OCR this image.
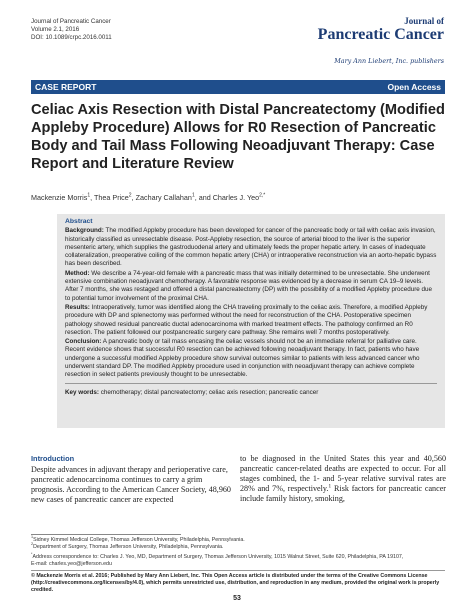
Journal of Pancreatic Cancer
Volume 2.1, 2016
DOI: 10.1089/crpc.2016.0011
Journal of
Pancreatic Cancer
Mary Ann Liebert, Inc. publishers
CASE REPORT	Open Access
Celiac Axis Resection with Distal Pancreatectomy (Modified Appleby Procedure) Allows for R0 Resection of Pancreatic Body and Tail Mass Following Neoadjuvant Therapy: Case Report and Literature Review
Mackenzie Morris$^1$, Thea Price$^2$, Zachary Callahan$^1$, and Charles J. Yeo$^{2,*}$
Abstract

Background: The modified Appleby procedure has been developed for cancer of the pancreatic body or tail with celiac axis invasion, historically classified as unresectable disease. Post-Appleby resection, the source of arterial blood to the liver is the superior mesenteric artery, which supplies the gastroduodenal artery and ultimately feeds the proper hepatic artery. In cases of inadequate collateralization, preoperative coiling of the common hepatic artery (CHA) or intraoperative reconstruction via an aorto-hepatic bypass has been described.

Method: We describe a 74-year-old female with a pancreatic mass that was initially determined to be unresectable. She underwent extensive combination neoadjuvant chemotherapy. A favorable response was evidenced by a decrease in serum CA 19–9 levels. After 7 months, she was restaged and offered a distal pancreatectomy (DP) with the possibility of a modified Appleby procedure due to potential tumor involvement of the proximal CHA.

Results: Intraoperatively, tumor was identified along the CHA traveling proximally to the celiac axis. Therefore, a modified Appleby procedure with DP and splenectomy was performed without the need for reconstruction of the CHA. Postoperative specimen pathology showed residual pancreatic ductal adenocarcinoma with marked treatment effects. The pathology confirmed an R0 resection. The patient followed our postpancreatic surgery care pathway. She remains well 7 months postoperatively.

Conclusion: A pancreatic body or tail mass encasing the celiac vessels should not be an immediate referral for palliative care. Recent evidence shows that successful R0 resection can be achieved following neoadjuvant therapy. In fact, patients who have undergone a successful modified Appleby procedure show survival outcomes similar to patients with less advanced cancer who underwent standard DP. The modified Appleby procedure used in conjunction with neoadjuvant therapy can achieve complete resection in select patients previously thought to be unresectable.

Key words: chemotherapy; distal pancreatectomy; celiac axis resection; pancreatic cancer

Introduction
Despite advances in adjuvant therapy and perioperative care, pancreatic adenocarcinoma continues to carry a grim prognosis. According to the American Cancer Society, 48,960 new cases of pancreatic cancer are expected
to be diagnosed in the United States this year and 40,560 pancreatic cancer-related deaths are expected to occur. For all stages combined, the 1- and 5-year relative survival rates are 28% and 7%, respectively.$^1$ Risk factors for pancreatic cancer include family history, smoking,
$^1$Sidney Kimmel Medical College, Thomas Jefferson University, Philadelphia, Pennsylvania.
$^2$Department of Surgery, Thomas Jefferson University, Philadelphia, Pennsylvania.
*Address correspondence to: Charles J. Yeo, MD, Department of Surgery, Thomas Jefferson University, 1015 Walnut Street, Suite 620, Philadelphia, PA 19107,
E-mail: charles.yeo@jefferson.edu
© Mackenzie Morris et al. 2016; Published by Mary Ann Liebert, Inc. This Open Access article is distributed under the terms of the Creative Commons License (http://creativecommons.org/licenses/by/4.0), which permits unrestricted use, distribution, and reproduction in any medium, provided the original work is properly credited.
53
